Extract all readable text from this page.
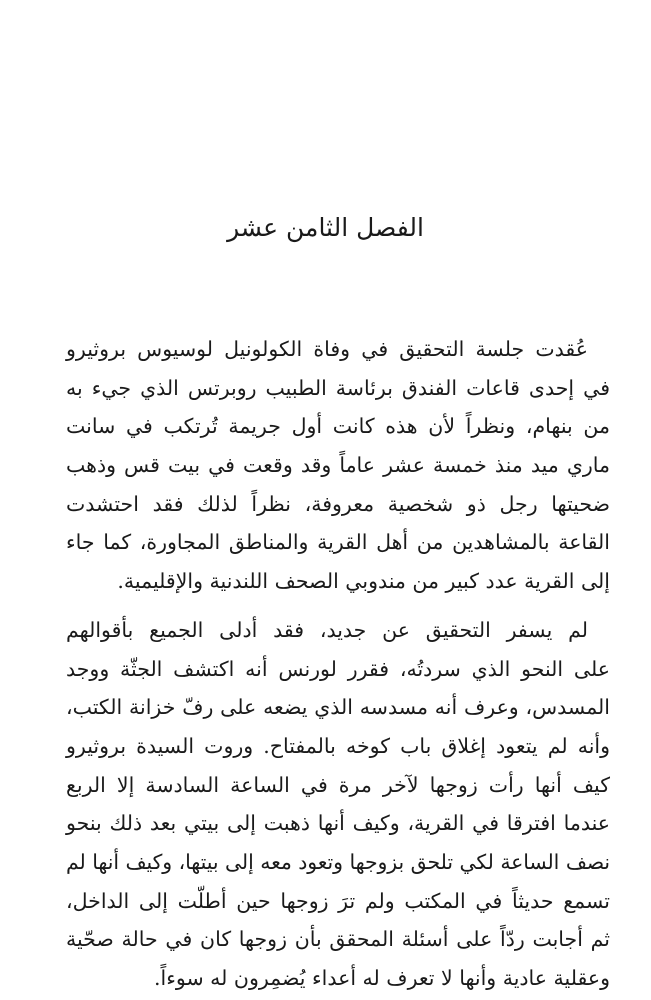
الفصل الثامن عشر
عُقدت جلسة التحقيق في وفاة الكولونيل لوسيوس بروثيرو
في إحدى قاعات الفندق برئاسة الطبيب روبرتس الذي جيء به
من بنهام، ونظراً لأن هذه كانت أول جريمة تُرتكب في سانت
ماري ميد منذ خمسة عشر عاماً وقد وقعت في بيت قس وذهب
ضحيتها رجل ذو شخصية معروفة، نظراً لذلك فقد احتشدت
القاعة بالمشاهدين من أهل القرية والمناطق المجاورة، كما جاء
إلى القرية عدد كبير من مندوبي الصحف اللندنية والإقليمية.
لم يسفر التحقيق عن جديد، فقد أدلى الجميع بأقوالهم
على النحو الذي سردتُه، فقرر لورنس أنه اكتشف الجثّة ووجد
المسدس، وعرف أنه مسدسه الذي يضعه على رفّ خزانة الكتب،
وأنه لم يتعود إغلاق باب كوخه بالمفتاح. وروت السيدة بروثيرو
كيف أنها رأت زوجها لآخر مرة في الساعة السادسة إلا الربع
عندما افترقا في القرية، وكيف أنها ذهبت إلى بيتي بعد ذلك بنحو
نصف الساعة لكي تلحق بزوجها وتعود معه إلى بيتها، وكيف أنها لم
تسمع حديثاً في المكتب ولم ترَ زوجها حين أطلّت إلى الداخل،
ثم أجابت ردّاً على أسئلة المحقق بأن زوجها كان في حالة صحّية
وعقلية عادية وأنها لا تعرف له أعداء يُضمِرون له سوءاً.
